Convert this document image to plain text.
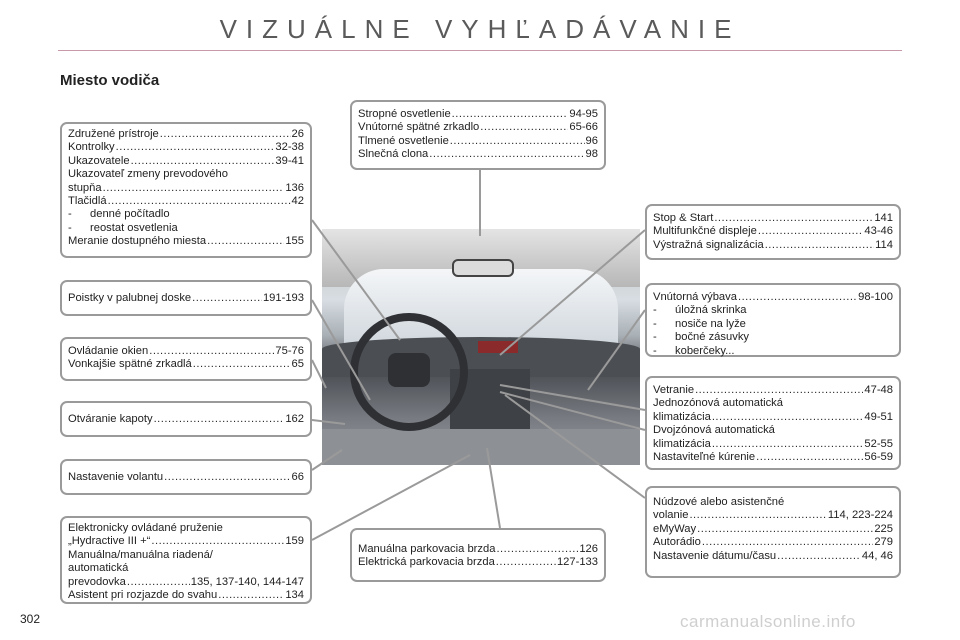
VIZUÁLNE VYHĽADÁVANIE
Miesto vodiča
Združené prístroje .....	26
Kontrolky .....	32-38
Ukazovatele .....	39-41
Ukazovateľ zmeny prevodového
stupňa .....	136
Tlačidlá .....	42
- denné počítadlo
- reostat osvetlenia
Meranie dostupného miesta .....	155
Poistky v palubnej doske .....	191-193
Ovládanie okien .....	75-76
Vonkajšie spätné zrkadlá .....	65
Otváranie kapoty .....	162
Nastavenie volantu .....	66
Elektronicky ovládané pruženie
„Hydractive III +“ .....	159
Manuálna/manuálna riadená/
automatická
prevodovka .....	135, 137-140, 144-147
Asistent pri rozjazde do svahu .....	134
Stropné osvetlenie .....	94-95
Vnútorné spätné zrkadlo .....	65-66
Tlmené osvetlenie .....	96
Slnečná clona .....	98
Manuálna parkovacia brzda .....	126
Elektrická parkovacia brzda .....	127-133
Stop & Start .....	141
Multifunkčné displeje .....	43-46
Výstražná signalizácia .....	114
Vnútorná výbava .....	98-100
- úložná skrinka
- nosiče na lyže
- bočné zásuvky
- koberčeky...
Vetranie .....	47-48
Jednozónová automatická
klimatizácia .....	49-51
Dvojzónová automatická
klimatizácia .....	52-55
Nastaviteľné kúrenie .....	56-59
Núdzové alebo asistenčné
volanie .....	114, 223-224
eMyWay .....	225
Autorádio .....	279
Nastavenie dátumu/času .....	44, 46
302	carmanualsonline.info
